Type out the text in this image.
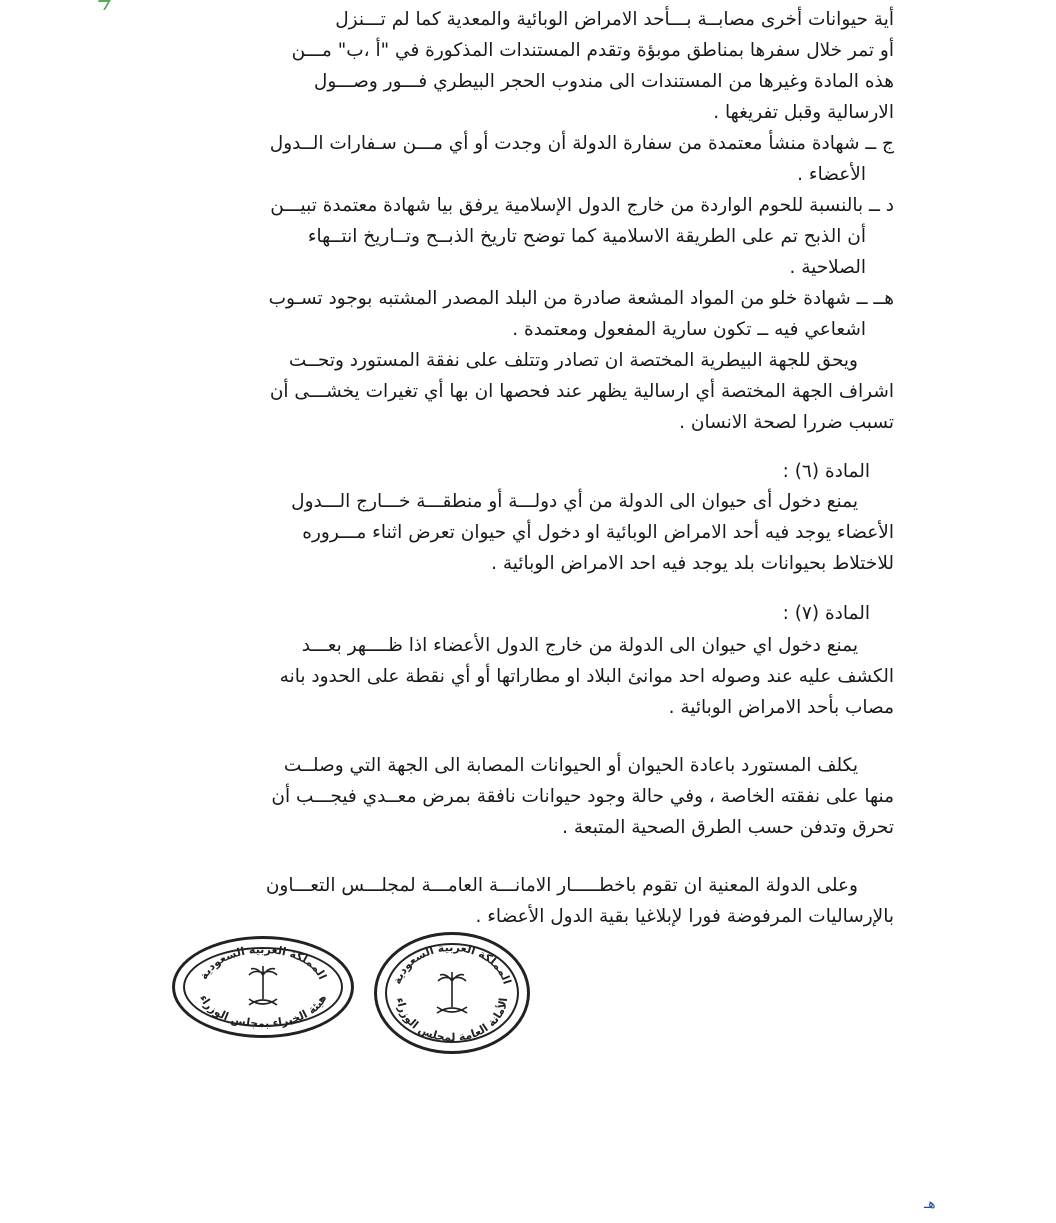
أية حيوانات أخرى مصابــة بـــأحد الامراض الوبائية والمعدية كما لم تـــنزل
أو تمر خلال سفرها بمناطق موبؤة وتقدم المستندات المذكورة في "أ ،ب" مـــن
هذه المادة وغيرها من المستندات الى مندوب الحجر البيطري فـــور وصـــول
الارسالية وقبل تفريغها .
ج ــ شهادة منشأ معتمدة من سفارة الدولة أن وجدت أو أي مـــن سـفارات الــدول
الأعضاء .
د ــ بالنسبة للحوم الواردة من خارج الدول الإسلامية يرفق بيا شهادة معتمدة تبيـــن
أن الذبح تم على الطريقة الاسلامية كما توضح تاريخ الذبــح وتــاريخ انتــهاء
الصلاحية .
هــ ــ شهادة خلو من المواد المشعة صادرة من البلد المصدر المشتبه بوجود تسـوب
اشعاعي فيه ــ تكون سارية المفعول ومعتمدة .
ويحق للجهة البيطرية المختصة ان تصادر وتتلف على نفقة المستورد وتحــت
اشراف الجهة المختصة أي ارسالية يظهر عند فحصها ان بها أي تغيرات يخشـــى أن
تسبب ضررا لصحة الانسان .
المادة (٦) :
يمنع دخول أى حيوان الى الدولة من أي دولـــة أو منطقـــة خـــارج الـــدول
الأعضاء يوجد فيه أحد الامراض الوبائية او دخول أي حيوان تعرض اثناء مـــروره
للاختلاط بحيوانات بلد يوجد فيه احد الامراض الوبائية .
المادة (٧) :
يمنع دخول اي حيوان الى الدولة من خارج الدول الأعضاء اذا ظــــهر بعـــد
الكشف عليه عند وصوله احد موانئ البلاد او مطاراتها أو أي نقطة على الحدود بانه
مصاب بأحد الامراض الوبائية .
يكلف المستورد باعادة الحيوان أو الحيوانات المصابة الى الجهة التي وصلــت
منها على نفقته الخاصة ، وفي حالة وجود حيوانات نافقة بمرض معــدي فيجـــب أن
تحرق وتدفن حسب الطرق الصحية المتبعة .
وعلى الدولة المعنية ان تقوم باخطـــــار الامانـــة العامـــة لمجلـــس التعـــاون
بالإرساليات المرفوضة فورا لإبلاغيا بقية الدول الأعضاء .
المملكة العربية السعودية
هيئة الخبراء بمجلس الوزراء
المملكة العربية السعودية
الأمانة العامة لمجلس الوزراء
هـ
